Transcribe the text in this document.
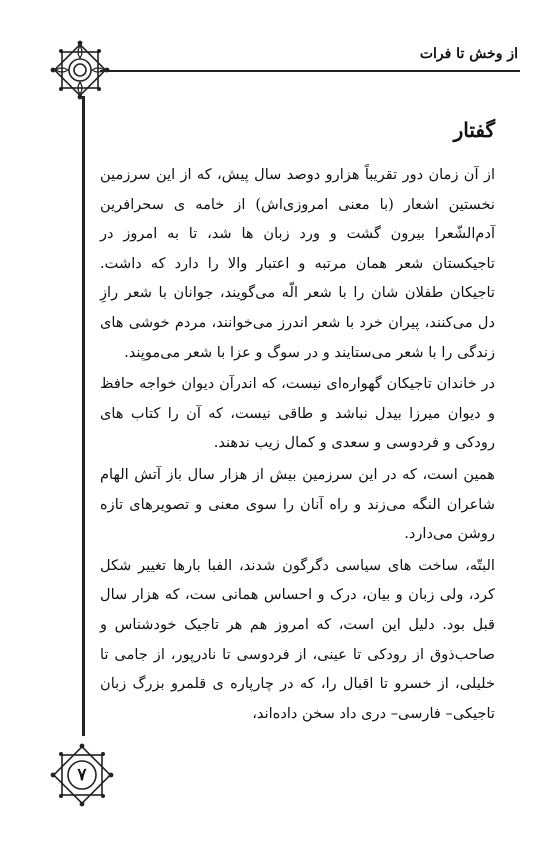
از وخش تا فرات
گفتار

از آن زمان دور تقریباً هزارو دوصد سال پیش، که از این سرزمین نخستین اشعار (با معنی امروزی‌اش) از خامه ی سحرافرین آدم‌الشّعرا بیرون گشت و ورد زبان ها شد، تا به امروز در تاجیکستان شعر همان مرتبه و اعتبار والا را دارد که داشت. تاجیکان طفلان شان را با شعر الّه می‌گویند، جوانان با شعر رازِ دل می‌کنند، پیران خرد با شعر اندرز می‌خوانند، مردم خوشی‌ های زندگی را با شعر می‌ستایند و در سوگ و عزا با شعر می‌موپند.

در خاندان تاجیکان گهواره‌ای نیست، که اندرآن دیوان خواجه حافظ و دیوان میرزا بیدل نباشد و طاقی نیست، که آن را کتاب های رودکی و فردوسی و سعدی و کمال زیب ندهند.

همین است، که در این سرزمین بیش از هزار سال باز آتش الهام شاعران النگه می‌زند و راه آنان را سوی معنی و تصویرهای تازه روشن می‌دارد.

البتّه، ساخت های سیاسی دگرگون شدند، الفبا بارها تغییر شکل کرد، ولی زبان و بیان، درک و احساس همانی ست، که هزار سال قبل بود. دلیل این است، که امروز هم هر تاجیک خودشناس و صاحب‌ذوق از رودکی تا عینی، از فردوسی تا نادرپور، از جامی تا خلیلی، از خسرو تا اقبال را، که در چارپاره ی قلمرو بزرگ زبان تاجیکی– فارسی– دری داد سخن داده‌اند،

۷
